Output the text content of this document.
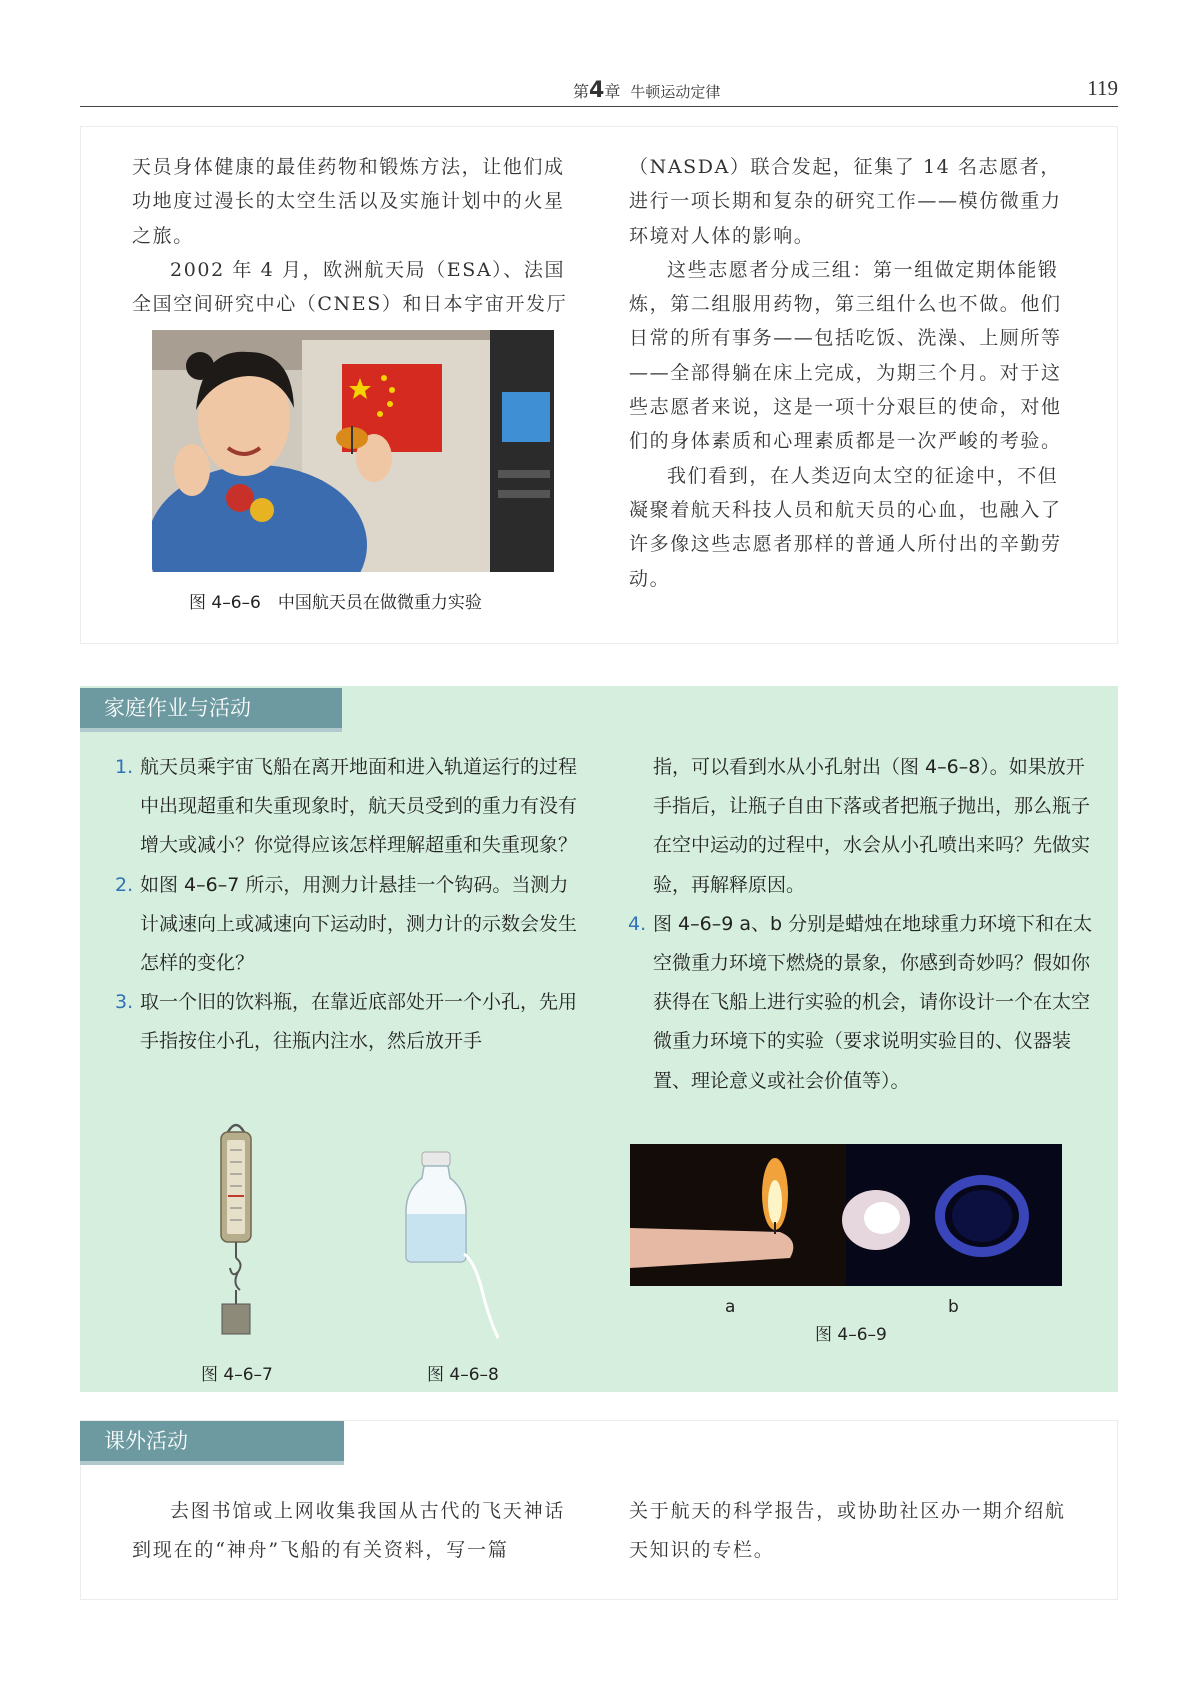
第4章 牛顿运动定律	119

天员身体健康的最佳药物和锻炼方法，让他们成功地度过漫长的太空生活以及实施计划中的火星之旅。

2002 年 4 月，欧洲航天局（ESA）、法国全国空间研究中心（CNES）和日本宇宙开发厅

图 4–6–6　中国航天员在做微重力实验

（NASDA）联合发起，征集了 14 名志愿者，进行一项长期和复杂的研究工作——模仿微重力环境对人体的影响。

这些志愿者分成三组：第一组做定期体能锻炼，第二组服用药物，第三组什么也不做。他们日常的所有事务——包括吃饭、洗澡、上厕所等——全部得躺在床上完成，为期三个月。对于这些志愿者来说，这是一项十分艰巨的使命，对他们的身体素质和心理素质都是一次严峻的考验。

我们看到，在人类迈向太空的征途中，不但凝聚着航天科技人员和航天员的心血，也融入了许多像这些志愿者那样的普通人所付出的辛勤劳动。

家庭作业与活动

1. 航天员乘宇宙飞船在离开地面和进入轨道运行的过程中出现超重和失重现象时，航天员受到的重力有没有增大或减小？你觉得应该怎样理解超重和失重现象？

2. 如图 4–6–7 所示，用测力计悬挂一个钩码。当测力计减速向上或减速向下运动时，测力计的示数会发生怎样的变化？

3. 取一个旧的饮料瓶，在靠近底部处开一个小孔，先用手指按住小孔，往瓶内注水，然后放开手

指，可以看到水从小孔射出（图 4–6–8）。如果放开手指后，让瓶子自由下落或者把瓶子抛出，那么瓶子在空中运动的过程中，水会从小孔喷出来吗？先做实验，再解释原因。

4. 图 4–6–9 a、b 分别是蜡烛在地球重力环境下和在太空微重力环境下燃烧的景象，你感到奇妙吗？假如你获得在飞船上进行实验的机会，请你设计一个在太空微重力环境下的实验（要求说明实验目的、仪器装置、理论意义或社会价值等）。

图 4–6–7	图 4–6–8
a	b
图 4–6–9
课外活动

去图书馆或上网收集我国从古代的飞天神话到现在的“神舟”飞船的有关资料，写一篇

关于航天的科学报告，或协助社区办一期介绍航天知识的专栏。
